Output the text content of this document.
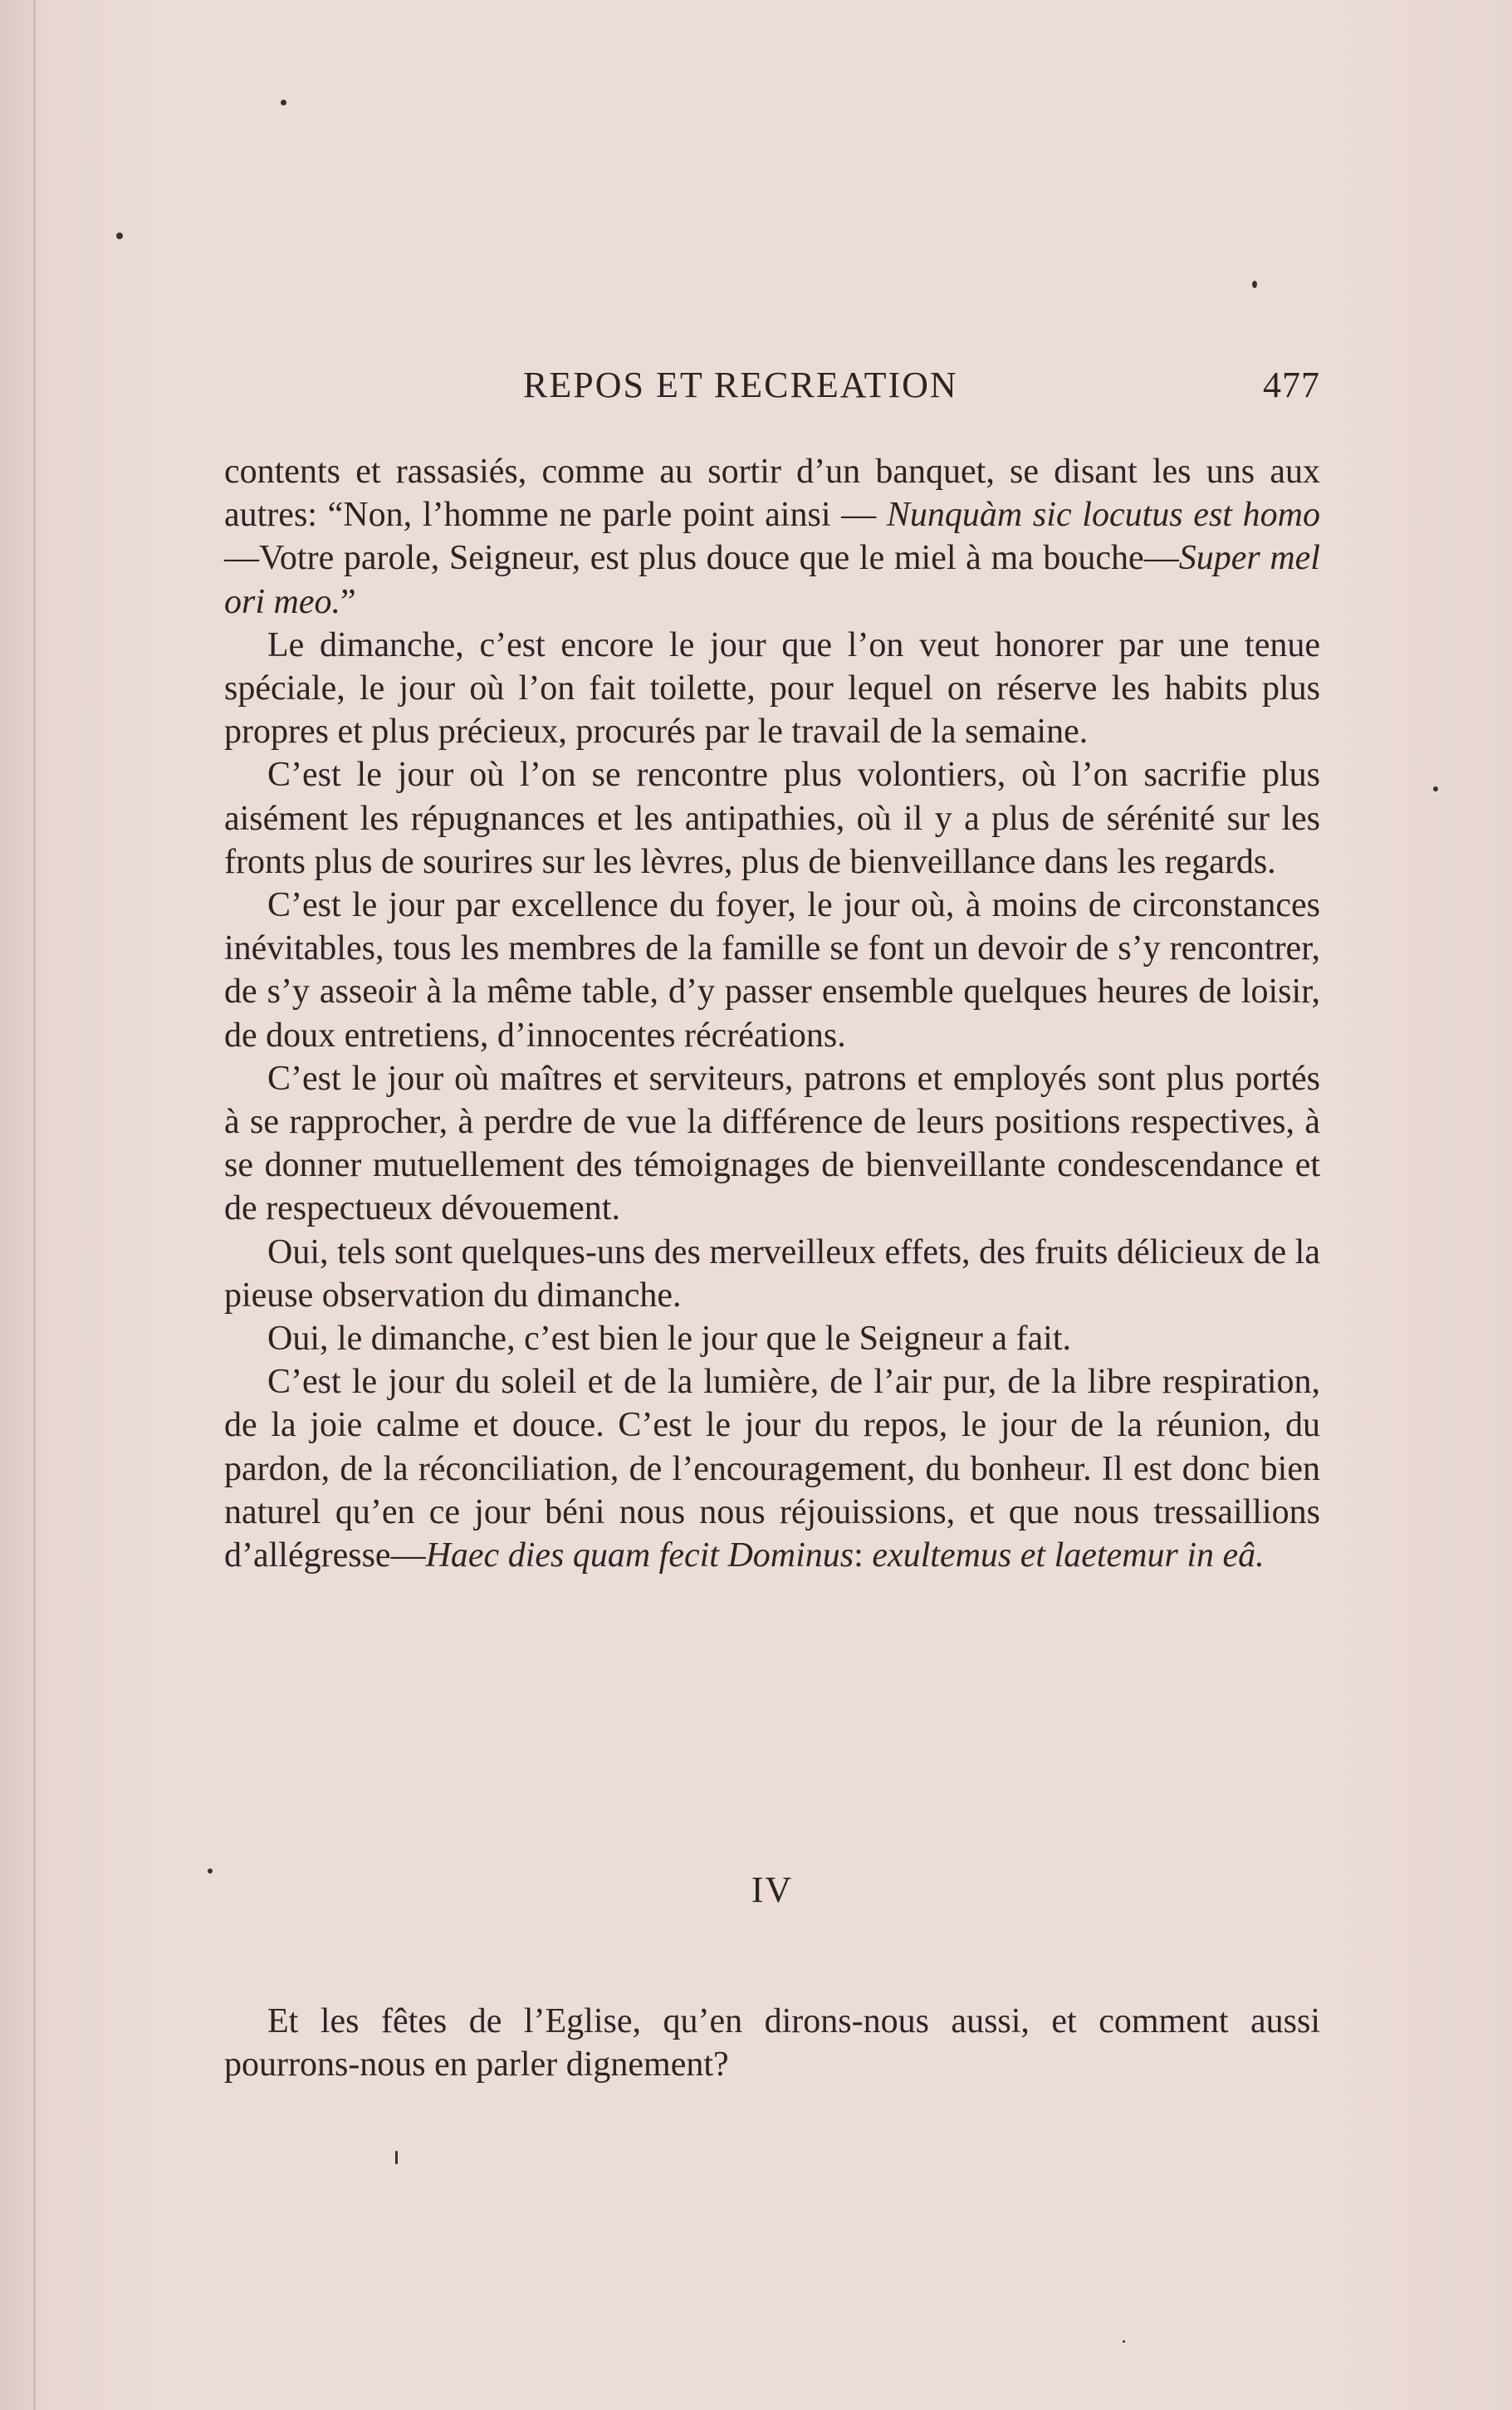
REPOS ET RECREATION	477

contents et rassasiés, comme au sortir d’un banquet, se disant les uns aux autres: “Non, l’homme ne parle point ainsi — Nunquàm sic locutus est homo—Votre parole, Seigneur, est plus douce que le miel à ma bouche—Super mel ori meo.”

Le dimanche, c’est encore le jour que l’on veut honorer par une tenue spéciale, le jour où l’on fait toilette, pour lequel on réserve les habits plus propres et plus précieux, procurés par le travail de la semaine.

C’est le jour où l’on se rencontre plus volontiers, où l’on sacrifie plus aisément les répugnances et les antipathies, où il y a plus de sérénité sur les fronts plus de sourires sur les lèvres, plus de bienveillance dans les regards.

C’est le jour par excellence du foyer, le jour où, à moins de circonstances inévitables, tous les membres de la famille se font un devoir de s’y rencontrer, de s’y asseoir à la même table, d’y passer ensemble quelques heures de loisir, de doux entretiens, d’innocentes récréations.

C’est le jour où maîtres et serviteurs, patrons et employés sont plus portés à se rapprocher, à perdre de vue la différence de leurs positions respectives, à se donner mutuellement des témoignages de bienveillante condescendance et de respectueux dévouement.

Oui, tels sont quelques-uns des merveilleux effets, des fruits délicieux de la pieuse observation du dimanche.

Oui, le dimanche, c’est bien le jour que le Seigneur a fait.

C’est le jour du soleil et de la lumière, de l’air pur, de la libre respiration, de la joie calme et douce. C’est le jour du repos, le jour de la réunion, du pardon, de la réconciliation, de l’encouragement, du bonheur. Il est donc bien naturel qu’en ce jour béni nous nous réjouissions, et que nous tressaillions d’allégresse—Haec dies quam fecit Dominus: exultemus et laetemur in eâ.

IV

Et les fêtes de l’Eglise, qu’en dirons-nous aussi, et comment aussi pourrons-nous en parler dignement?
